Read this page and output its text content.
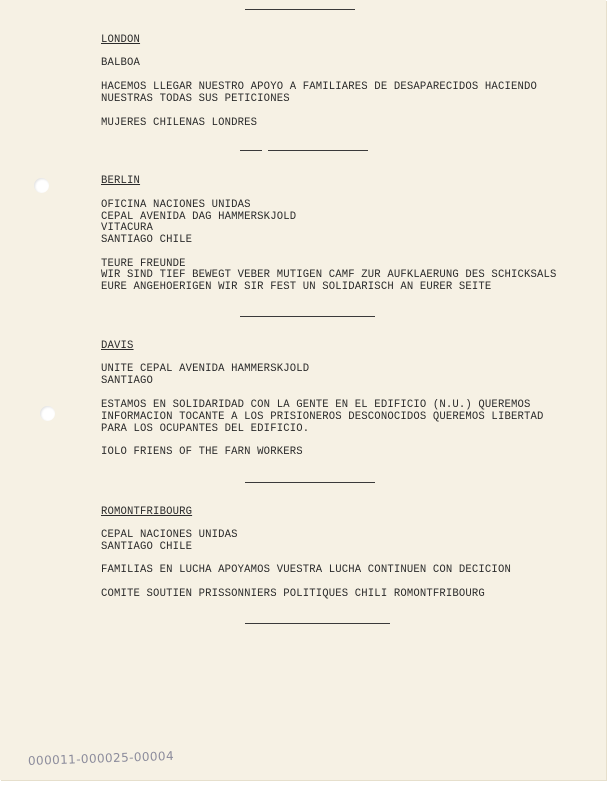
LONDON

BALBOA

HACEMOS LLEGAR NUESTRO APOYO A FAMILIARES DE DESAPARECIDOS HACIENDO

NUESTRAS TODAS SUS PETICIONES

MUJERES CHILENAS LONDRES

BERLIN

OFICINA NACIONES UNIDAS

CEPAL AVENIDA DAG HAMMERSKJOLD

VITACURA

SANTIAGO CHILE

TEURE FREUNDE

WIR SIND TIEF BEWEGT VEBER MUTIGEN CAMF ZUR AUFKLAERUNG DES SCHICKSALS

EURE ANGEHOERIGEN WIR SIR FEST UN SOLIDARISCH AN EURER SEITE

DAVIS

UNITE CEPAL AVENIDA HAMMERSKJOLD

SANTIAGO

ESTAMOS EN SOLIDARIDAD CON LA GENTE EN EL EDIFICIO (N.U.) QUEREMOS

INFORMACION TOCANTE A LOS PRISIONEROS DESCONOCIDOS QUEREMOS LIBERTAD

PARA LOS OCUPANTES DEL EDIFICIO.

IOLO FRIENS OF THE FARN WORKERS

ROMONTFRIBOURG

CEPAL NACIONES UNIDAS

SANTIAGO CHILE

FAMILIAS EN LUCHA APOYAMOS VUESTRA LUCHA CONTINUEN CON DECICION

COMITE SOUTIEN PRISSONNIERS POLITIQUES CHILI ROMONTFRIBOURG

000011-000025-00004
